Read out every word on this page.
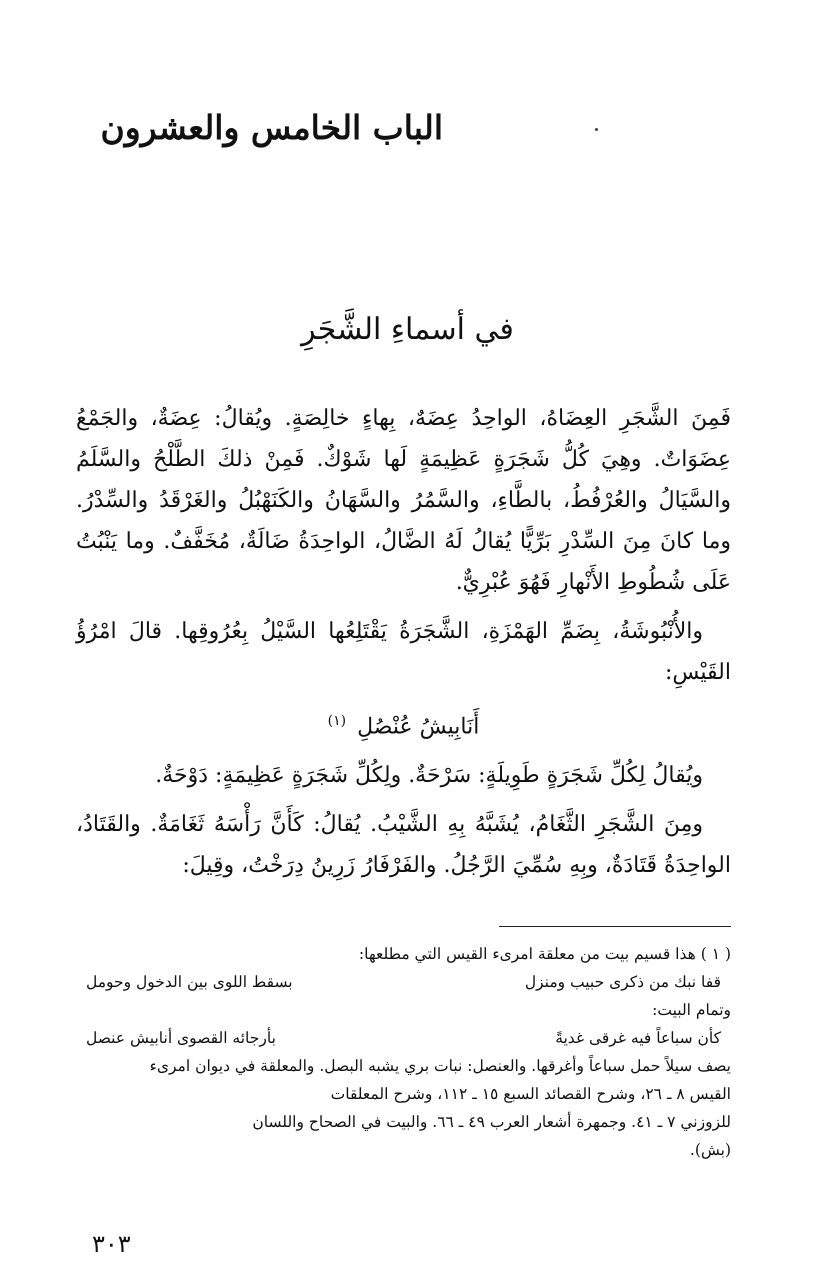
الباب الخامس والعشرون
في أسماءِ الشَّجَرِ

فَمِنَ الشَّجَرِ العِضَاهُ، الواحِدُ عِضَهٌ، بِهاءٍ خالِصَةٍ. ويُقالُ: عِضَةٌ، والجَمْعُ عِضَوَاتٌ. وهِيَ كُلُّ شَجَرَةٍ عَظِيمَةٍ لَها شَوْكٌ. فَمِنْ ذلكَ الطَّلْحُ والسَّلَمُ والسَّيَالُ والعُرْفُطُ، بالطَّاءِ، والسَّمُرُ والسَّهَانُ والكَنَهْبُلُ والغَرْقَدُ والسِّدْرُ. وما كانَ مِنَ السِّدْرِ بَرِّيًّا يُقالُ لَهُ الضَّالُ، الواحِدَةُ ضَالَةٌ، مُخَفَّفٌ. وما يَنْبُتُ عَلَى شُطُوطِ الأَنْهارِ فَهُوَ عُبْرِيٌّ.

والأُنْبُوشَةُ، بِضَمِّ الهَمْزَةِ، الشَّجَرَةُ يَقْتَلِعُها السَّيْلُ بِعُرُوقِها. قالَ امْرُؤُ القَيْسِ:

أَنَابِيشُ عُنْصُلِ $^{(١)}$

ويُقالُ لِكُلِّ شَجَرَةٍ طَوِيلَةٍ: سَرْحَةٌ. ولِكُلِّ شَجَرَةٍ عَظِيمَةٍ: دَوْحَةٌ.

ومِنَ الشَّجَرِ الثَّغَامُ، يُشَبَّهُ بِهِ الشَّيْبُ. يُقالُ: كَأَنَّ رَأْسَهُ ثَغَامَةٌ. والقَتَادُ، الواحِدَةُ قَتَادَةٌ، وبِهِ سُمِّيَ الرَّجُلُ. والفَرْفَارُ زَرِينُ دِرَخْتُ، وقِيلَ:

( ١ ) هذا قسيم بيت من معلقة امرىء القيس التي مطلعها:

قفا نبك من ذكرى حبيب ومنزل
بسقط اللوى بين الدخول وحومل

وتمام البيت:

كأن سباعاً فيه غرقى غديةً
بأرجائه القصوى أنابيش عنصل

يصف سيلاً حمل سباعاً وأغرقها. والعنصل: نبات بري يشبه البصل. والمعلقة في ديوان امرىء

القيس ٨ ـ ٢٦، وشرح القصائد السبع ١٥ ـ ١١٢، وشرح المعلقات

للزوزني ٧ ـ ٤١. وجمهرة أشعار العرب ٤٩ ـ ٦٦. والبيت في الصحاح واللسان

(بش).

٣٠٣
